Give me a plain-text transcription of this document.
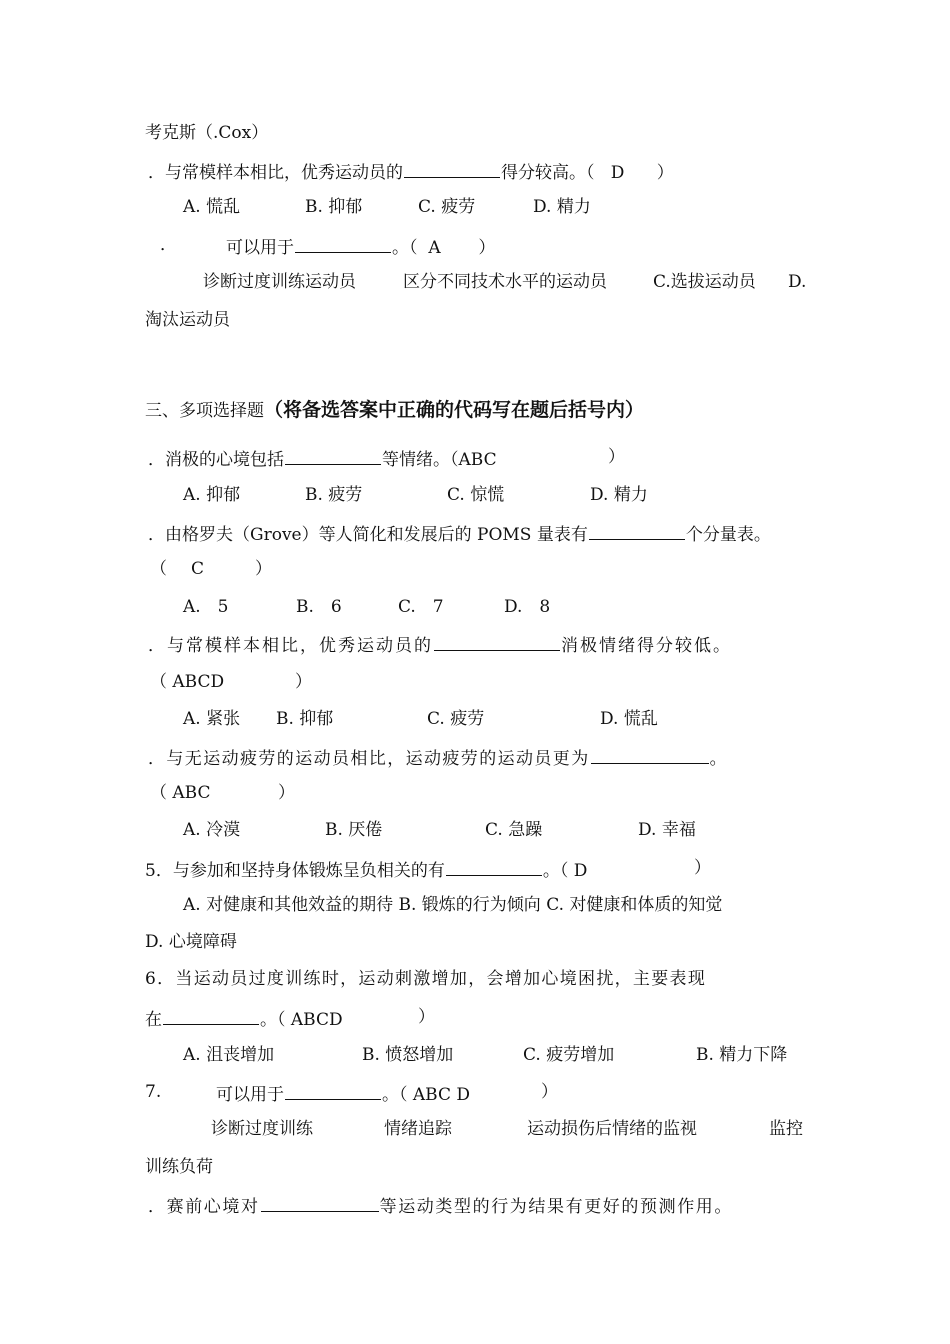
考克斯（.Cox）
．与常模样本相比，优秀运动员的	得分较高。（ D ）
A. 慌乱	B. 抑郁	C. 疲劳	D. 精力
．	可以用于	。（ A ）
诊断过度训练运动员	区分不同技术水平的运动员	C.选拔运动员 D.
淘汰运动员
三、多项选择题（将备选答案中正确的代码写在题后括号内）
．消极的心境包括	等情绪。（ABC	）
A. 抑郁	B. 疲劳	C. 惊慌	D. 精力
．由格罗夫（Grove）等人简化和发展后的 POMS 量表有	个分量表。
（ C	）
A.　5	B.　6	C.　7	D.　8
．与常模样本相比，优秀运动员的	消极情绪得分较低。
（ ABCD	）
A. 紧张 B. 抑郁	C. 疲劳	D. 慌乱
．与无运动疲劳的运动员相比，运动疲劳的运动员更为	。
（ ABC	）
A. 冷漠	B. 厌倦	C. 急躁	D. 幸福
5．与参加和坚持身体锻炼呈负相关的有	。（ D	）
A. 对健康和其他效益的期待 B. 锻炼的行为倾向 C. 对健康和体质的知觉
D. 心境障碍
6．当运动员过度训练时，运动刺激增加，会增加心境困扰，主要表现
在	。（ ABCD	）
A. 沮丧增加	B. 愤怒增加	C. 疲劳增加	B. 精力下降
7.	可以用于	。（ ABC D	）
诊断过度训练	情绪追踪	运动损伤后情绪的监视	监控
训练负荷
．赛前心境对	等运动类型的行为结果有更好的预测作用。
